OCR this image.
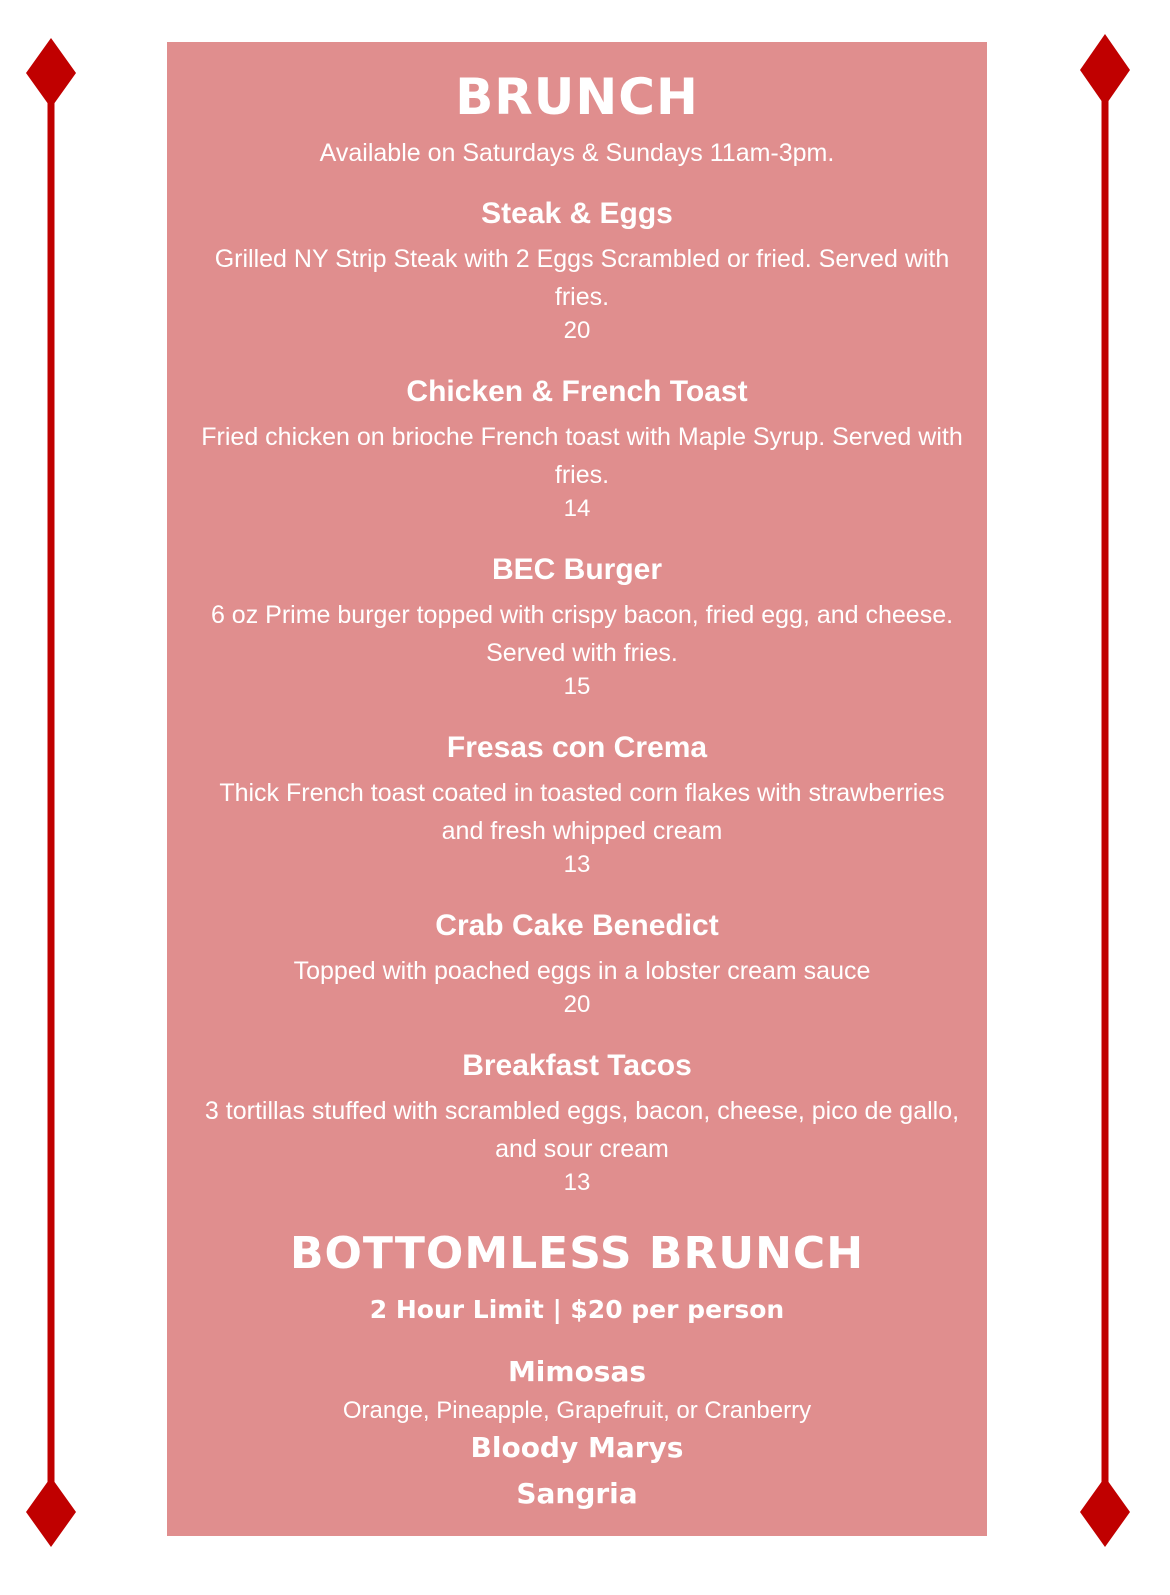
BRUNCH

Available on Saturdays & Sundays 11am-3pm.

Steak & Eggs

Grilled NY Strip Steak with 2 Eggs Scrambled or fried. Served with fries.

20

Chicken & French Toast

Fried chicken on brioche French toast with Maple Syrup. Served with fries.

14

BEC Burger

6 oz Prime burger topped with crispy bacon, fried egg, and cheese. Served with fries.

15

Fresas con Crema

Thick French toast coated in toasted corn flakes with strawberries and fresh whipped cream

13

Crab Cake Benedict

Topped with poached eggs in a lobster cream sauce

20

Breakfast Tacos

3 tortillas stuffed with scrambled eggs, bacon, cheese, pico de gallo, and sour cream

13

BOTTOMLESS BRUNCH

2 Hour Limit | $20 per person

Mimosas

Orange, Pineapple, Grapefruit, or Cranberry

Bloody Marys
Sangria
